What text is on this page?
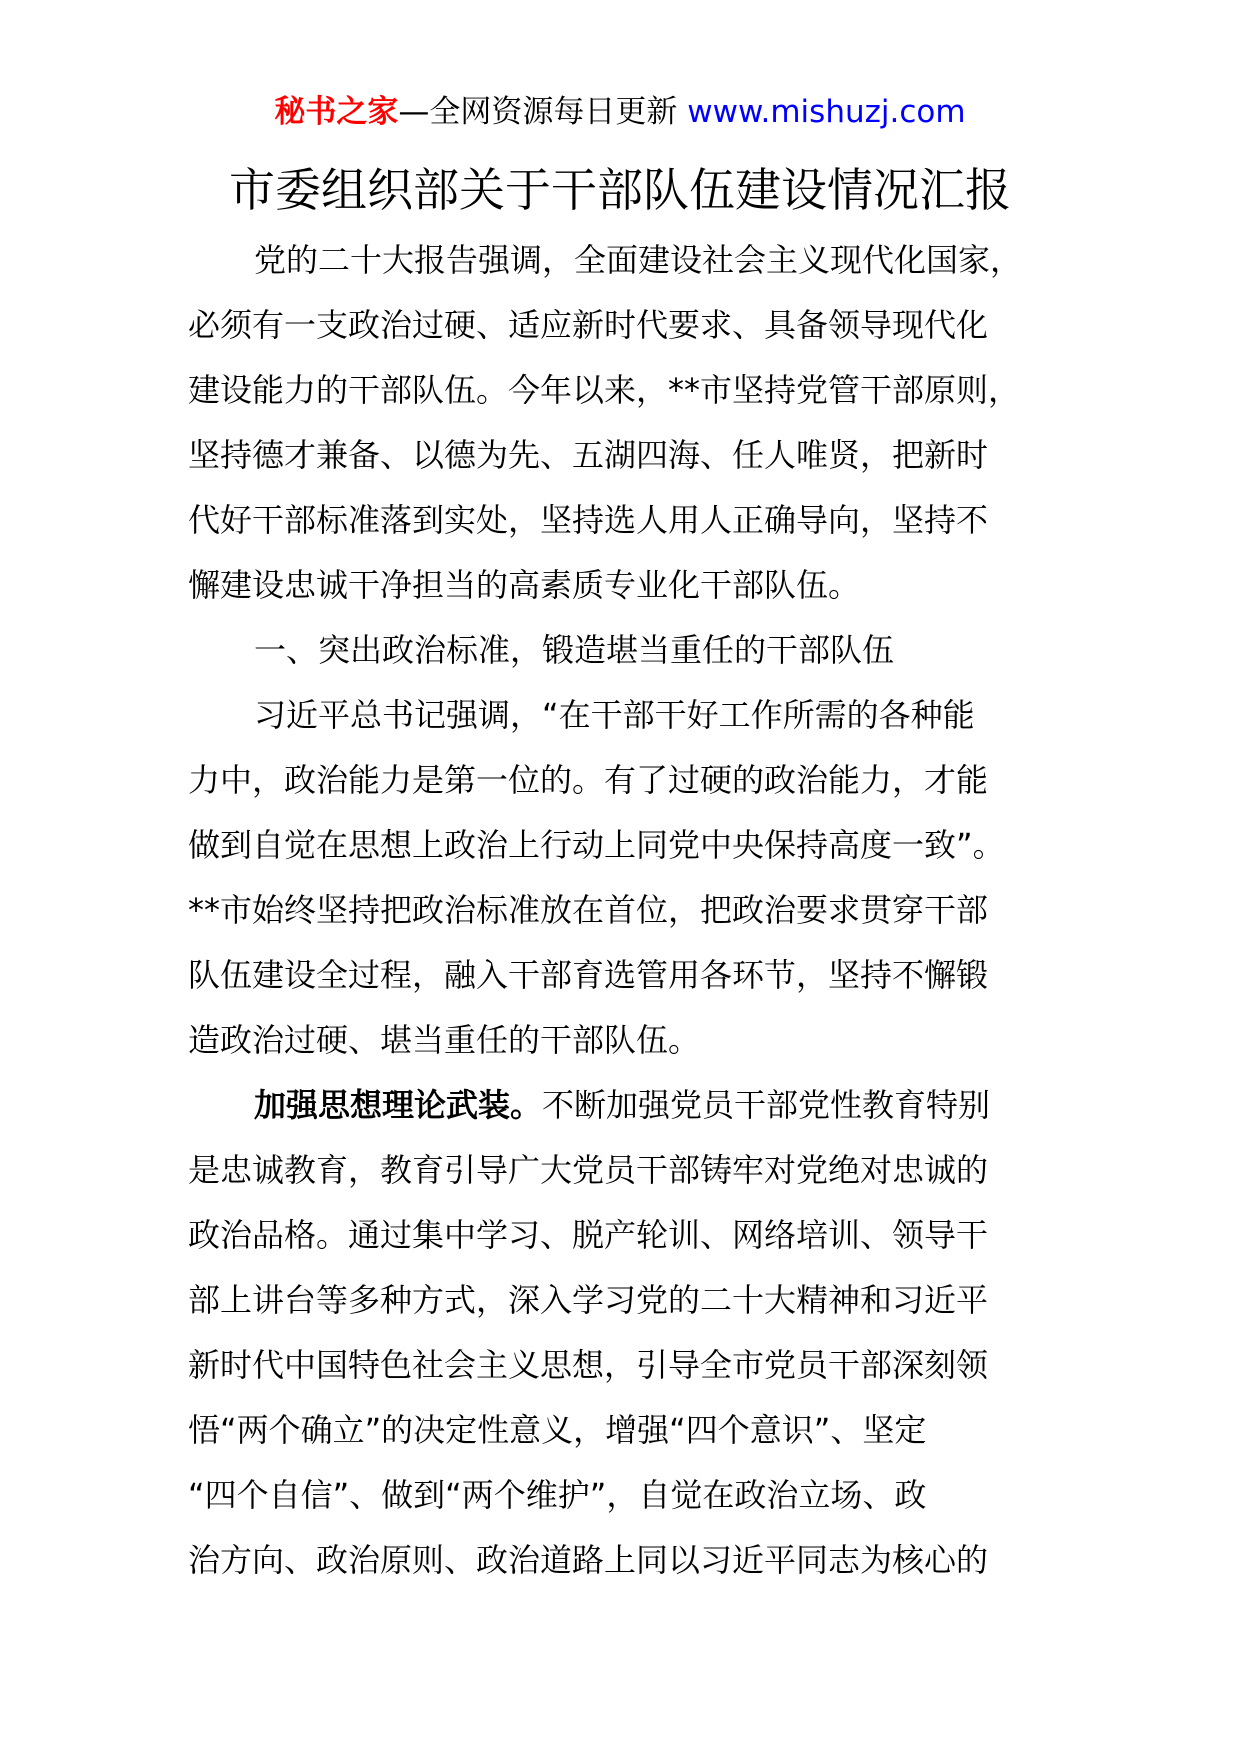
秘书之家—全网资源每日更新 www.mishuzj.com
市委组织部关于干部队伍建设情况汇报
党的二十大报告强调，全面建设社会主义现代化国家，
必须有一支政治过硬、适应新时代要求、具备领导现代化
建设能力的干部队伍。今年以来，**市坚持党管干部原则，
坚持德才兼备、以德为先、五湖四海、任人唯贤，把新时
代好干部标准落到实处，坚持选人用人正确导向，坚持不
懈建设忠诚干净担当的高素质专业化干部队伍。
一、突出政治标准，锻造堪当重任的干部队伍
习近平总书记强调，“在干部干好工作所需的各种能
力中，政治能力是第一位的。有了过硬的政治能力，才能
做到自觉在思想上政治上行动上同党中央保持高度一致”。
**市始终坚持把政治标准放在首位，把政治要求贯穿干部
队伍建设全过程，融入干部育选管用各环节，坚持不懈锻
造政治过硬、堪当重任的干部队伍。
加强思想理论武装。不断加强党员干部党性教育特别
是忠诚教育，教育引导广大党员干部铸牢对党绝对忠诚的
政治品格。通过集中学习、脱产轮训、网络培训、领导干
部上讲台等多种方式，深入学习党的二十大精神和习近平
新时代中国特色社会主义思想，引导全市党员干部深刻领
悟“两个确立”的决定性意义，增强“四个意识”、坚定
“四个自信”、做到“两个维护”，自觉在政治立场、政
治方向、政治原则、政治道路上同以习近平同志为核心的
